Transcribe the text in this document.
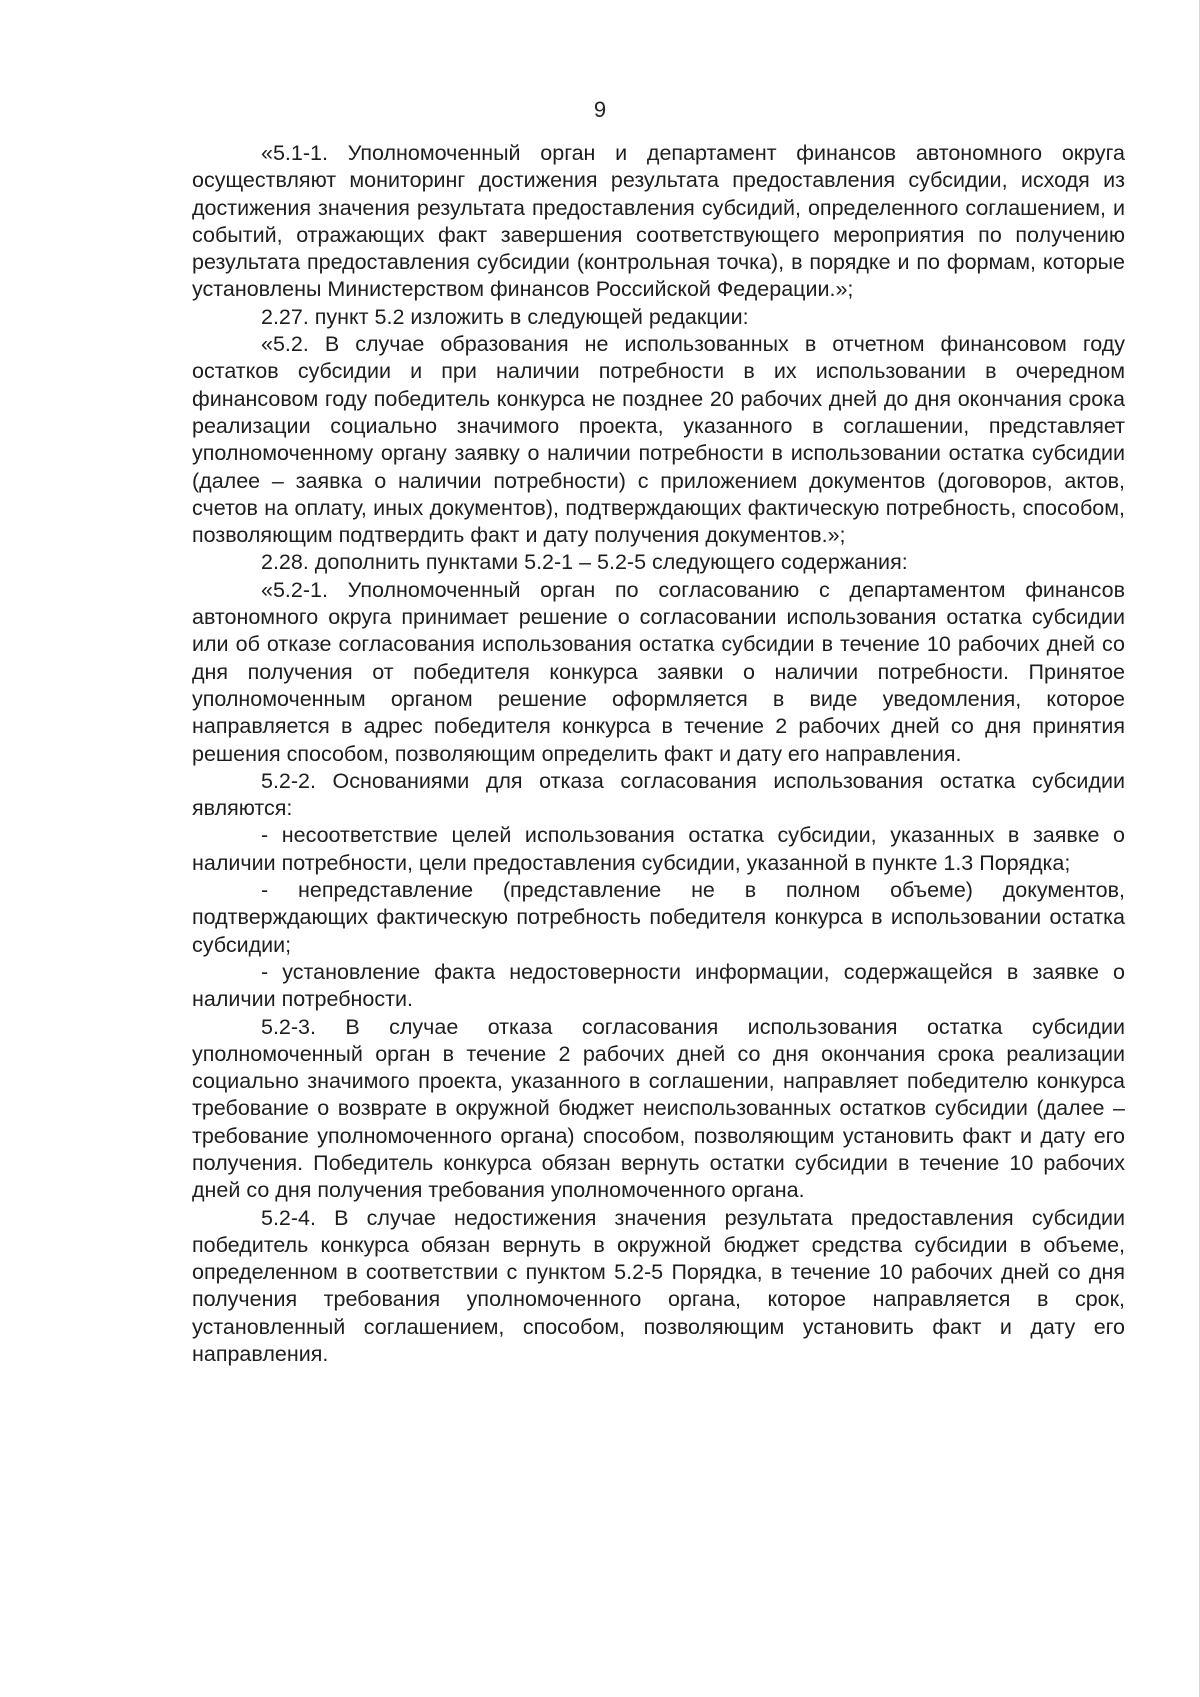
9

«5.1-1. Уполномоченный орган и департамент финансов автономного округа осуществляют мониторинг достижения результата предоставления субсидии, исходя из достижения значения результата предоставления субсидий, определенного соглашением, и событий, отражающих факт завершения соответствующего мероприятия по получению результата предоставления субсидии (контрольная точка), в порядке и по формам, которые установлены Министерством финансов Российской Федерации.»;

2.27. пункт 5.2 изложить в следующей редакции:

«5.2. В случае образования не использованных в отчетном финансовом году остатков субсидии и при наличии потребности в их использовании в очередном финансовом году победитель конкурса не позднее 20 рабочих дней до дня окончания срока реализации социально значимого проекта, указанного в соглашении, представляет уполномоченному органу заявку о наличии потребности в использовании остатка субсидии (далее – заявка о наличии потребности) с приложением документов (договоров, актов, счетов на оплату, иных документов), подтверждающих фактическую потребность, способом, позволяющим подтвердить факт и дату получения документов.»;

2.28. дополнить пунктами 5.2-1 – 5.2-5 следующего содержания:

«5.2-1. Уполномоченный орган по согласованию с департаментом финансов автономного округа принимает решение о согласовании использования остатка субсидии или об отказе согласования использования остатка субсидии в течение 10 рабочих дней со дня получения от победителя конкурса заявки о наличии потребности. Принятое уполномоченным органом решение оформляется в виде уведомления, которое направляется в адрес победителя конкурса в течение 2 рабочих дней со дня принятия решения способом, позволяющим определить факт и дату его направления.

5.2-2. Основаниями для отказа согласования использования остатка субсидии являются:

- несоответствие целей использования остатка субсидии, указанных в заявке о наличии потребности, цели предоставления субсидии, указанной в пункте 1.3 Порядка;

- непредставление (представление не в полном объеме) документов, подтверждающих фактическую потребность победителя конкурса в использовании остатка субсидии;

- установление факта недостоверности информации, содержащейся в заявке о наличии потребности.

5.2-3. В случае отказа согласования использования остатка субсидии уполномоченный орган в течение 2 рабочих дней со дня окончания срока реализации социально значимого проекта, указанного в соглашении, направляет победителю конкурса требование о возврате в окружной бюджет неиспользованных остатков субсидии (далее – требование уполномоченного органа) способом, позволяющим установить факт и дату его получения. Победитель конкурса обязан вернуть остатки субсидии в течение 10 рабочих дней со дня получения требования уполномоченного органа.

5.2-4. В случае недостижения значения результата предоставления субсидии победитель конкурса обязан вернуть в окружной бюджет средства субсидии в объеме, определенном в соответствии с пунктом 5.2-5 Порядка, в течение 10 рабочих дней со дня получения требования уполномоченного органа, которое направляется в срок, установленный соглашением, способом, позволяющим установить факт и дату его направления.
